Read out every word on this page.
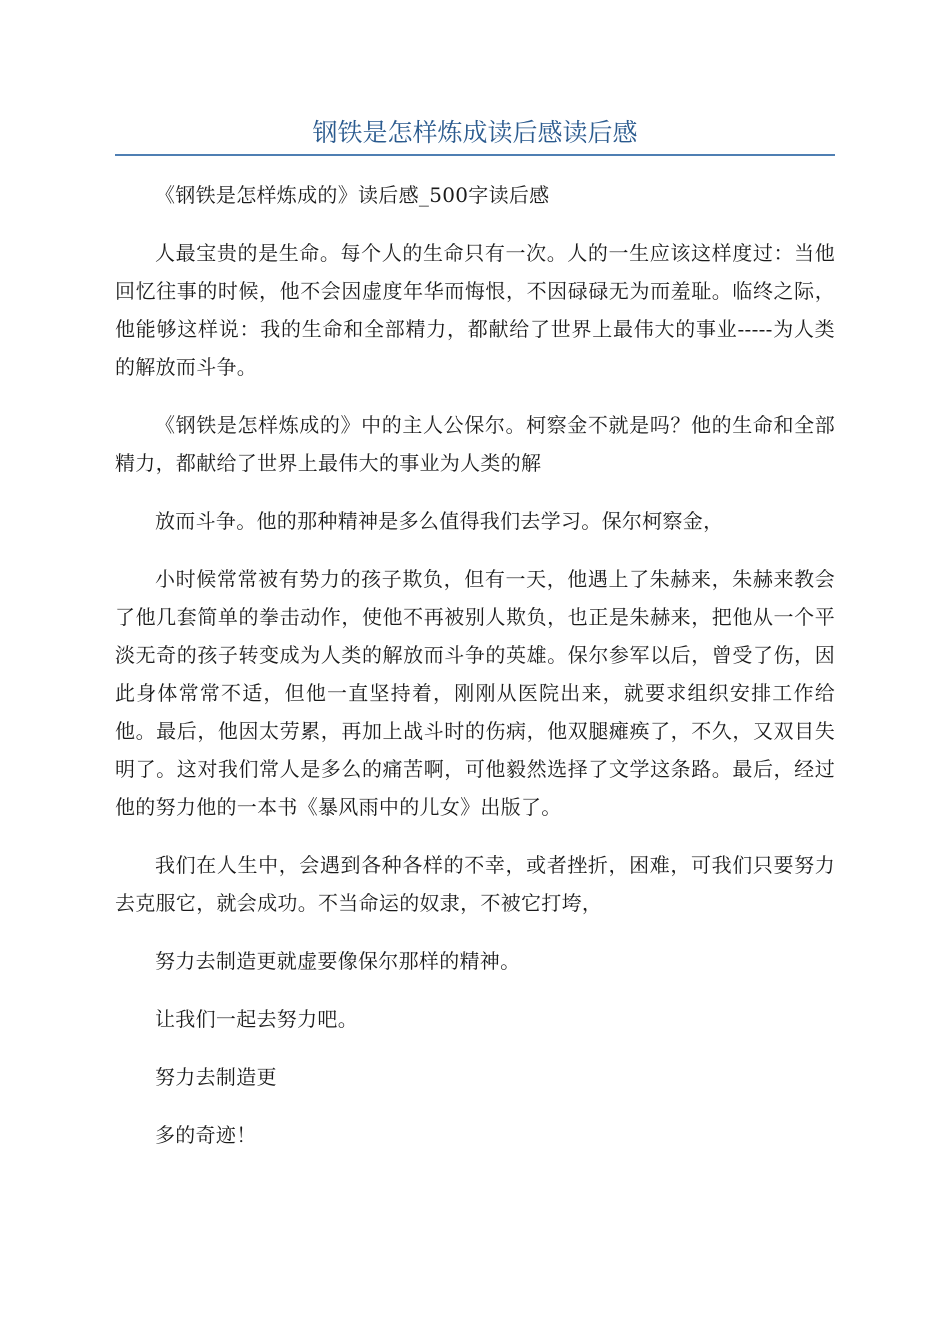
钢铁是怎样炼成读后感读后感

《钢铁是怎样炼成的》读后感_500字读后感

人最宝贵的是生命。每个人的生命只有一次。人的一生应该这样度过：当他回忆往事的时候，他不会因虚度年华而悔恨，不因碌碌无为而羞耻。临终之际，他能够这样说：我的生命和全部精力，都献给了世界上最伟大的事业-----为人类的解放而斗争。

《钢铁是怎样炼成的》中的主人公保尔。柯察金不就是吗？他的生命和全部精力，都献给了世界上最伟大的事业为人类的解

放而斗争。他的那种精神是多么值得我们去学习。保尔柯察金，

小时候常常被有势力的孩子欺负，但有一天，他遇上了朱赫来，朱赫来教会了他几套简单的拳击动作，使他不再被别人欺负，也正是朱赫来，把他从一个平淡无奇的孩子转变成为人类的解放而斗争的英雄。保尔参军以后，曾受了伤，因此身体常常不适，但他一直坚持着，刚刚从医院出来，就要求组织安排工作给他。最后，他因太劳累，再加上战斗时的伤病，他双腿瘫痪了，不久，又双目失明了。这对我们常人是多么的痛苦啊，可他毅然选择了文学这条路。最后，经过他的努力他的一本书《暴风雨中的儿女》出版了。

我们在人生中，会遇到各种各样的不幸，或者挫折，困难，可我们只要努力去克服它，就会成功。不当命运的奴隶，不被它打垮，

努力去制造更就虚要像保尔那样的精神。

让我们一起去努力吧。

努力去制造更

多的奇迹！
